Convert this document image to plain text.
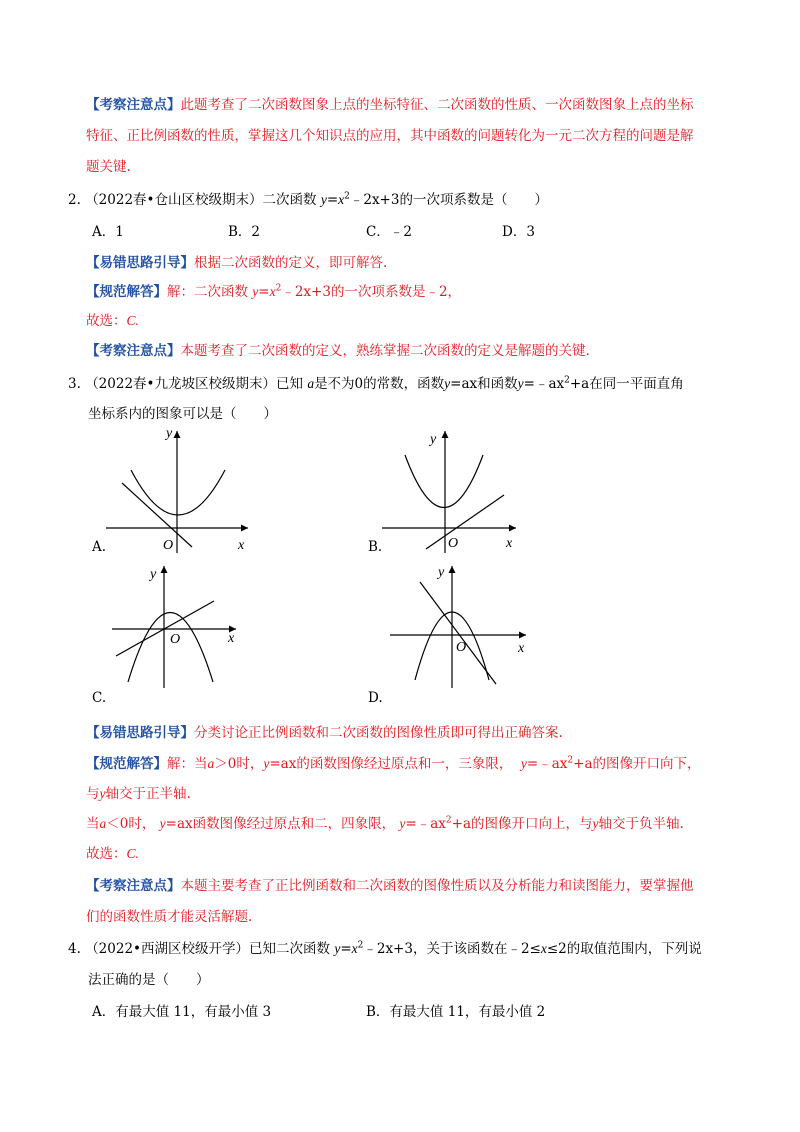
【考察注意点】此题考查了二次函数图象上点的坐标特征、二次函数的性质、一次函数图象上点的坐标
特征、正比例函数的性质，掌握这几个知识点的应用，其中函数的问题转化为一元二次方程的问题是解
题关键.
2. （2022春•仓山区校级期末）二次函数 $y=x^2﹣2x+3$的一次项系数是（　　）
A．1	B．2	C．﹣2	D．3
【易错思路引导】根据二次函数的定义，即可解答.
【规范解答】解：二次函数 $y=x^2﹣2x+3$的一次项系数是﹣2，
故选：C.
【考察注意点】本题考查了二次函数的定义，熟练掌握二次函数的定义是解题的关键.
3. （2022春•九龙坡区校级期末）已知 a是不为0的常数，函数y=ax和函数$y=﹣ax^2+a$在同一平面直角
坐标系内的图象可以是（　　）
y
x
O
A.
y
x
O
B.
y
x
O
C.
y
x
O
D.
【易错思路引导】分类讨论正比例函数和二次函数的图像性质即可得出正确答案.
【规范解答】解：当a＞0时，y=ax的函数图像经过原点和一，三象限， $y=﹣ax^2+a$的图像开口向下，
与y轴交于正半轴.
当a＜0时， y=ax函数图像经过原点和二，四象限， $y=﹣ax^2+a$的图像开口向上，与y轴交于负半轴.
故选：C.
【考察注意点】本题主要考查了正比例函数和二次函数的图像性质以及分析能力和读图能力，要掌握他
们的函数性质才能灵活解题.
4. （2022•西湖区校级开学）已知二次函数 $y=x^2﹣2x+3$，关于该函数在﹣2≤x≤2的取值范围内，下列说
法正确的是（　　）
A．有最大值 11，有最小值 3	B．有最大值 11，有最小值 2
